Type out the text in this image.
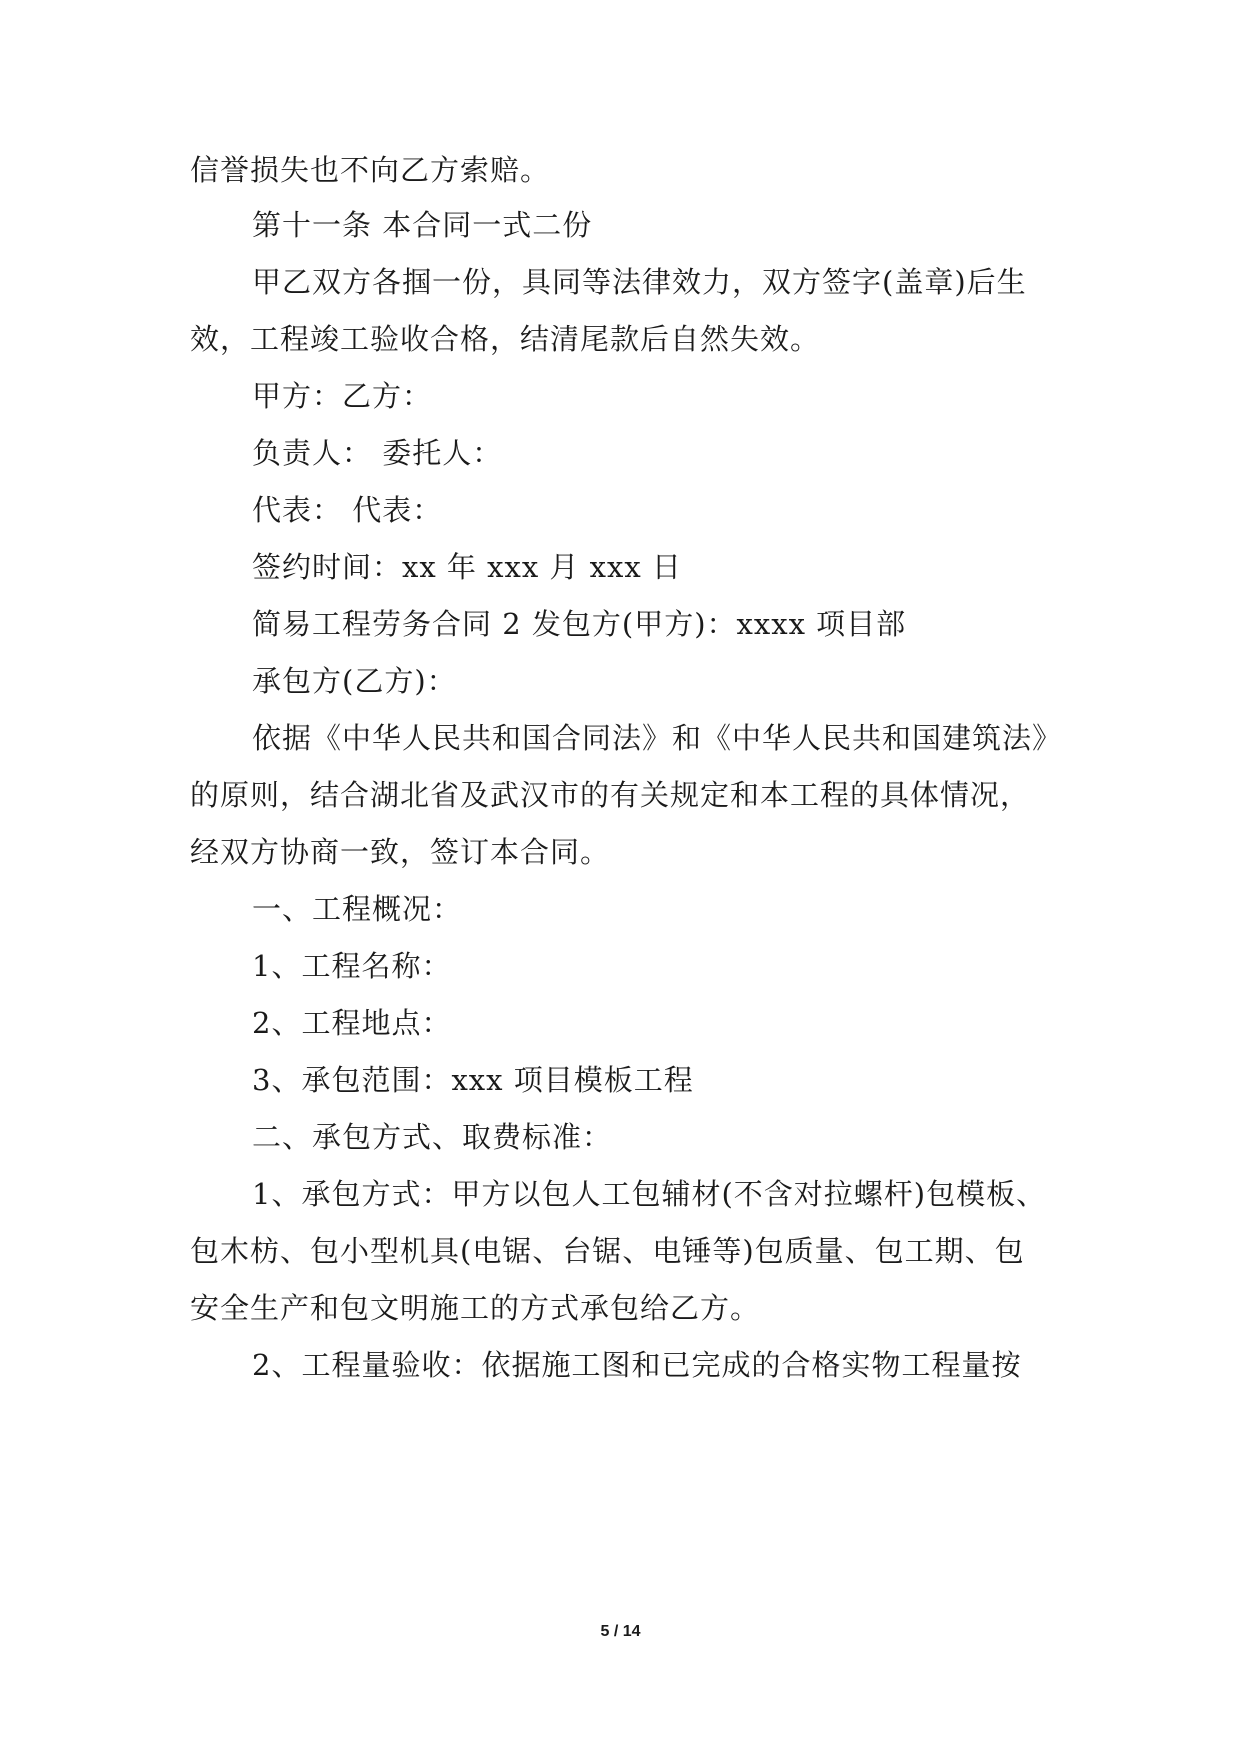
信誉损失也不向乙方索赔。
第十一条 本合同一式二份
甲乙双方各掴一份，具同等法律效力，双方签字(盖章)后生
效，工程竣工验收合格，结清尾款后自然失效。
甲方：乙方：
负责人： 委托人：
代表： 代表：
签约时间：xx 年 xxx 月 xxx 日
简易工程劳务合同 2 发包方(甲方)：xxxx 项目部
承包方(乙方)：
依据《中华人民共和国合同法》和《中华人民共和国建筑法》
的原则，结合湖北省及武汉市的有关规定和本工程的具体情况，
经双方协商一致，签订本合同。
一、工程概况：
1、工程名称：
2、工程地点：
3、承包范围：xxx 项目模板工程
二、承包方式、取费标准：
1、承包方式：甲方以包人工包辅材(不含对拉螺杆)包模板、
包木枋、包小型机具(电锯、台锯、电锤等)包质量、包工期、包
安全生产和包文明施工的方式承包给乙方。
2、工程量验收：依据施工图和已完成的合格实物工程量按
5 / 14
